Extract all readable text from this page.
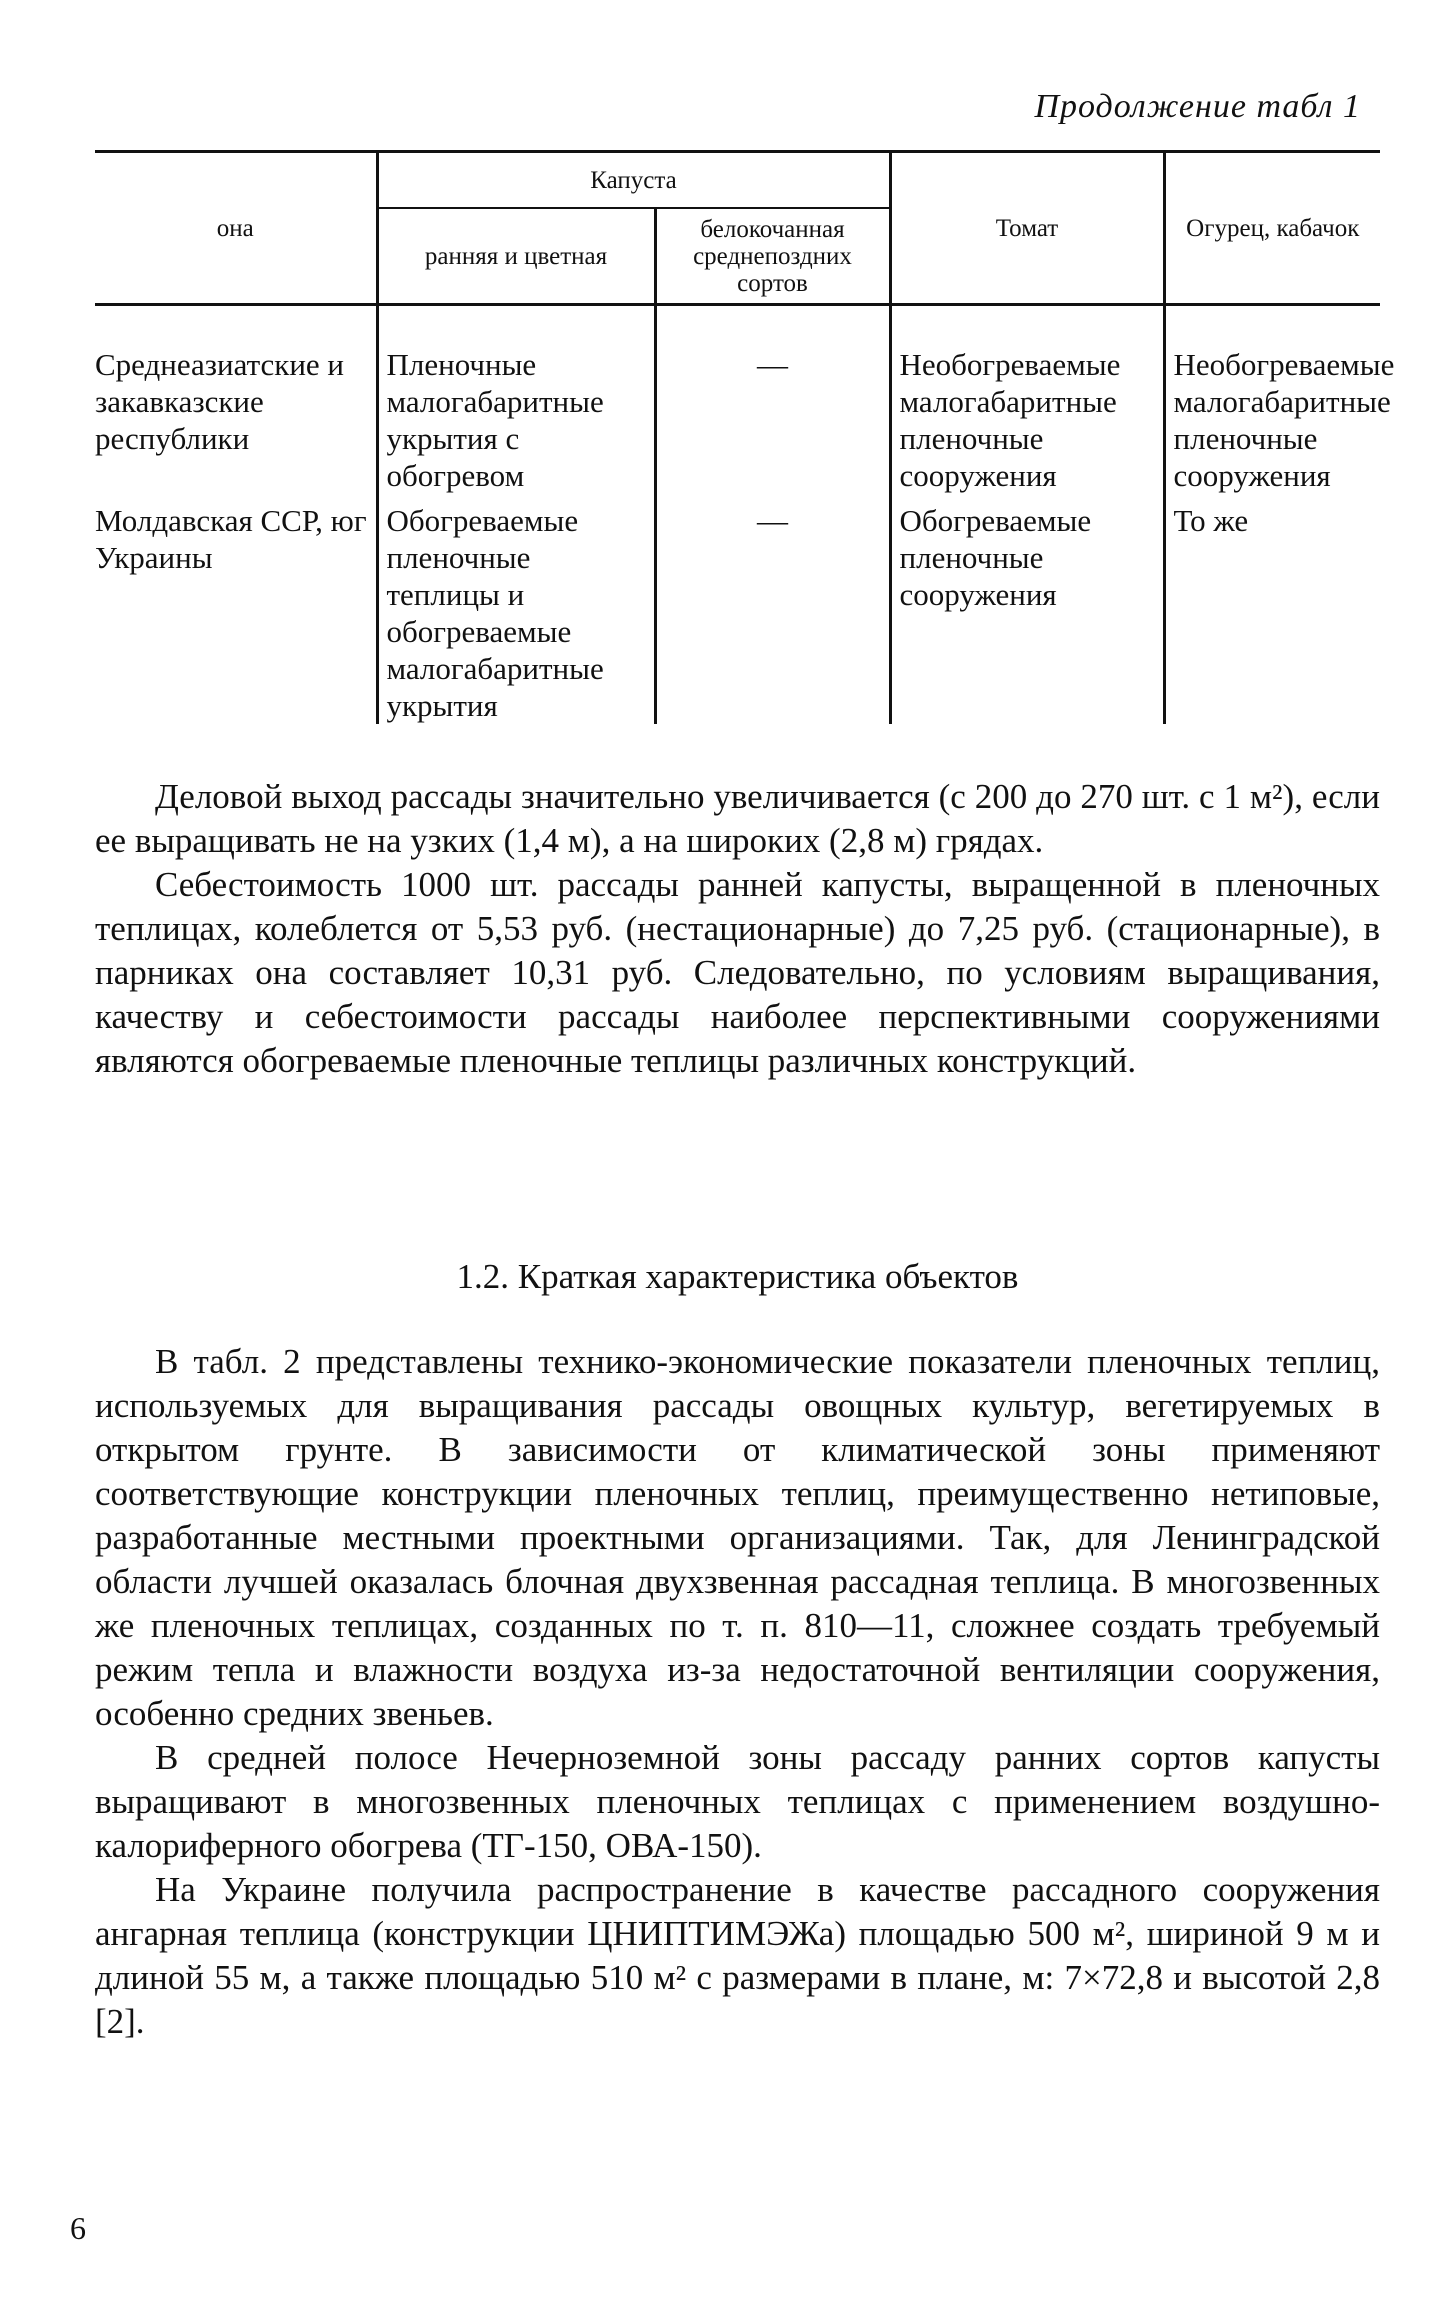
Продолжение табл 1
она	Капуста		Томат	Огурец, кабачок
	ранняя и цветная	белокочанная среднепоздних сортов		
Среднеазиатские и закавказские республики	Пленочные малогабаритные укрытия с обогревом	—	Необогреваемые малогабаритные пленочные сооружения	Необогреваемые малогабаритные пленочные сооружения
Молдавская ССР, юг Украины	Обогреваемые пленочные теплицы и обогреваемые малогабаритные укрытия	—	Обогреваемые пленочные сооружения	То же

Деловой выход рассады значительно увеличивается (с 200 до 270 шт. с 1 м²), если ее выращивать не на узких (1,4 м), а на широких (2,8 м) грядах.

Себестоимость 1000 шт. рассады ранней капусты, выращенной в пленочных теплицах, колеблется от 5,53 руб. (нестационарные) до 7,25 руб. (стационарные), в парниках она составляет 10,31 руб. Следовательно, по условиям выращивания, качеству и себестоимости рассады наиболее перспективными сооружениями являются обогреваемые пленочные теплицы различных конструкций.

1.2. Краткая характеристика объектов

В табл. 2 представлены технико-экономические показатели пленочных теплиц, используемых для выращивания рассады овощных культур, вегетируемых в открытом грунте. В зависимости от климатической зоны применяют соответствующие конструкции пленочных теплиц, преимущественно нетиповые, разработанные местными проектными организациями. Так, для Ленинградской области лучшей оказалась блочная двухзвенная рассадная теплица. В многозвенных же пленочных теплицах, созданных по т. п. 810—11, сложнее создать требуемый режим тепла и влажности воздуха из-за недостаточной вентиляции сооружения, особенно средних звеньев.

В средней полосе Нечерноземной зоны рассаду ранних сортов капусты выращивают в многозвенных пленочных теплицах с применением воздушно-калориферного обогрева (ТГ-150, ОВА-150).

На Украине получила распространение в качестве рассадного сооружения ангарная теплица (конструкции ЦНИПТИМЭЖа) площадью 500 м², шириной 9 м и длиной 55 м, а также площадью 510 м² с размерами в плане, м: 7×72,8 и высотой 2,8 [2].

6
